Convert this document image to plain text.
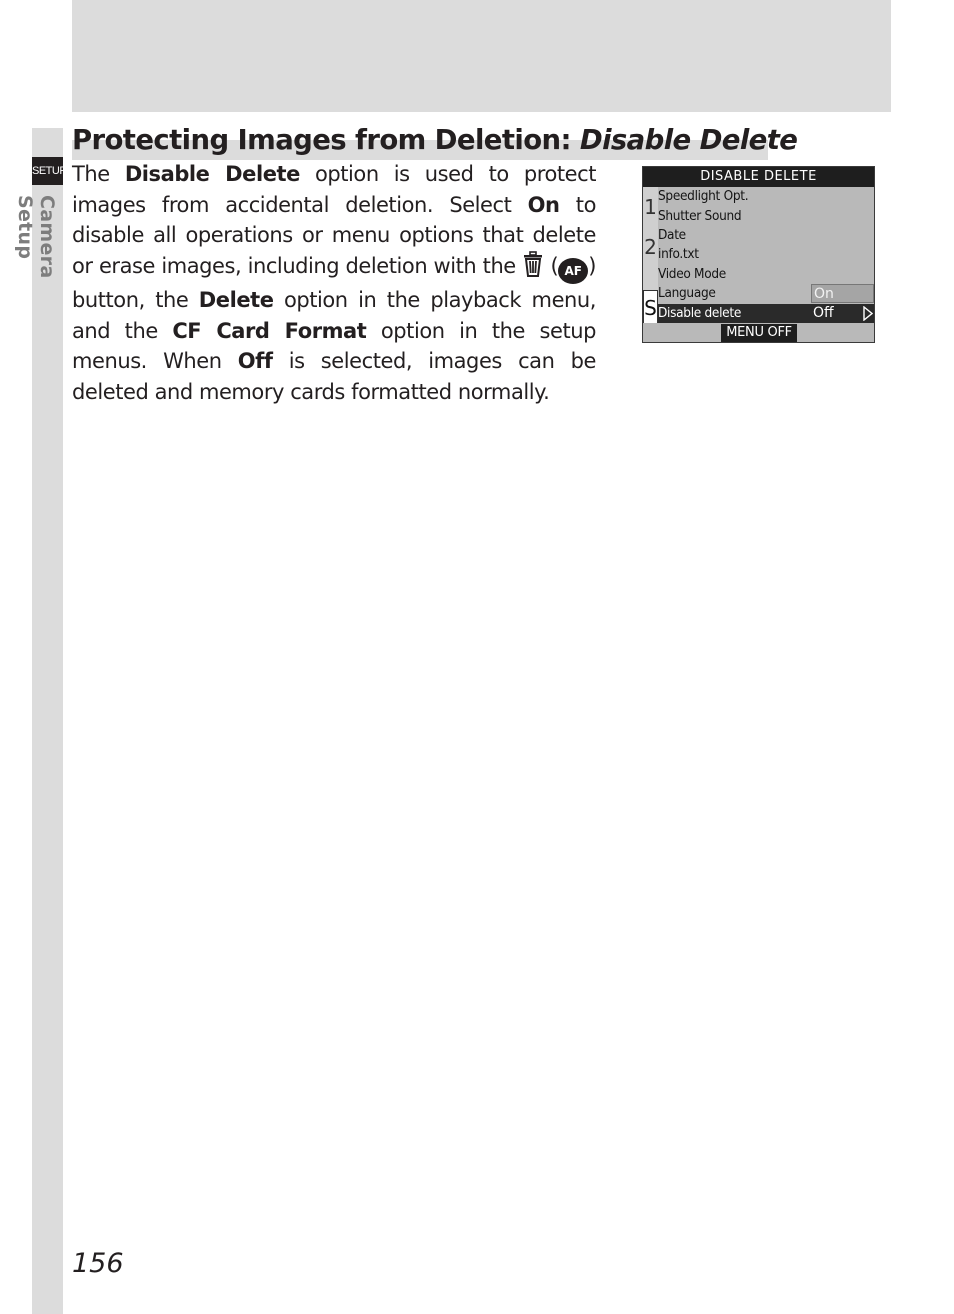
SETUP
Camera Setup
Protecting Images from Deletion: Disable Delete

The Disable Delete option is used to protect images from accidental deletion. Select On to disable all operations or menu options that delete or erase images, including deletion with the  ( AF ) button, the Delete option in the playback menu, and the CF Card Format option in the setup menus. When Off is selected, images can be deleted and memory cards formatted normally.

DISABLE DELETE
1
2
S
Speedlight Opt.
Shutter Sound
Date
info.txt
Video Mode
Language
Disable delete
On
Off
MENU OFF
156
